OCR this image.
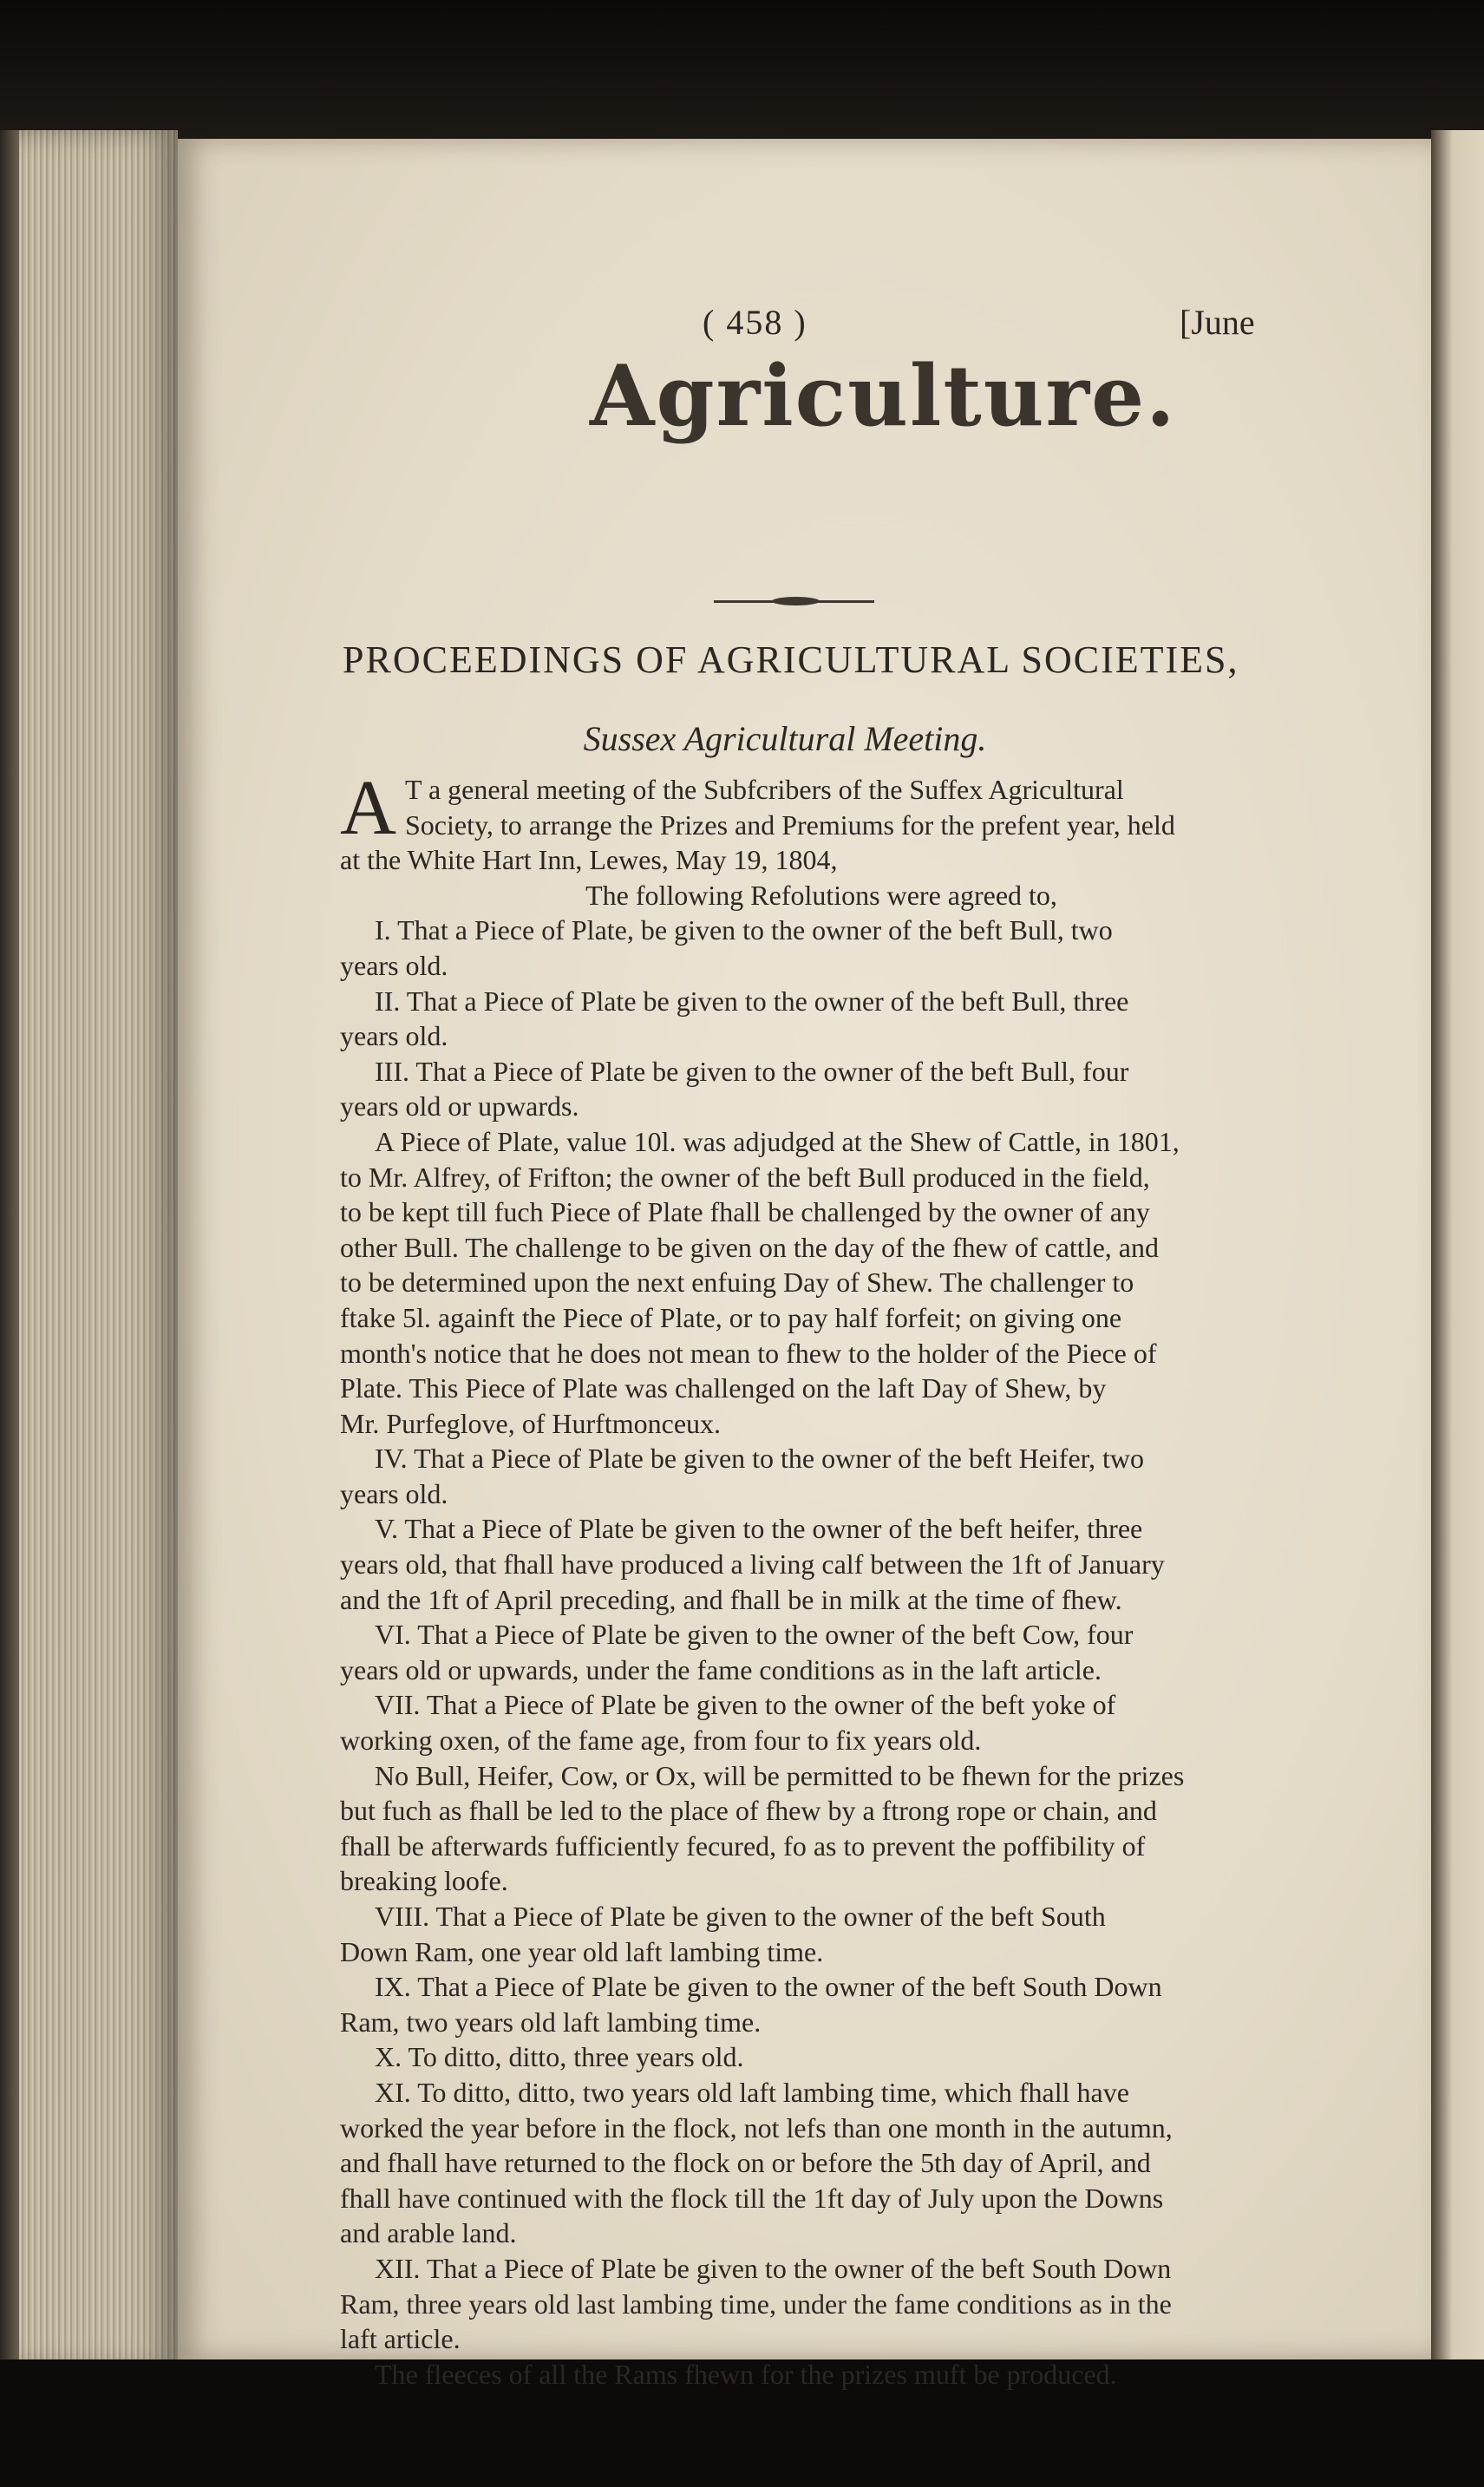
( 458 )	[June
Agriculture.
PROCEEDINGS OF AGRICULTURAL SOCIETIES,
Sussex Agricultural Meeting.
A T a general meeting of the Subfcribers of the Suffex Agricultural
Society, to arrange the Prizes and Premiums for the prefent year, held
at the White Hart Inn, Lewes, May 19, 1804,
The following Refolutions were agreed to,
I. That a Piece of Plate, be given to the owner of the beft Bull, two
years old.
II. That a Piece of Plate be given to the owner of the beft Bull, three
years old.
III. That a Piece of Plate be given to the owner of the beft Bull, four
years old or upwards.
A Piece of Plate, value 10l. was adjudged at the Shew of Cattle, in 1801,
to Mr. Alfrey, of Frifton; the owner of the beft Bull produced in the field,
to be kept till fuch Piece of Plate fhall be challenged by the owner of any
other Bull. The challenge to be given on the day of the fhew of cattle, and
to be determined upon the next enfuing Day of Shew. The challenger to
ftake 5l. againft the Piece of Plate, or to pay half forfeit; on giving one
month's notice that he does not mean to fhew to the holder of the Piece of
Plate. This Piece of Plate was challenged on the laft Day of Shew, by
Mr. Purfeglove, of Hurftmonceux.
IV. That a Piece of Plate be given to the owner of the beft Heifer, two
years old.
V. That a Piece of Plate be given to the owner of the beft heifer, three
years old, that fhall have produced a living calf between the 1ft of January
and the 1ft of April preceding, and fhall be in milk at the time of fhew.
VI. That a Piece of Plate be given to the owner of the beft Cow, four
years old or upwards, under the fame conditions as in the laft article.
VII. That a Piece of Plate be given to the owner of the beft yoke of
working oxen, of the fame age, from four to fix years old.
No Bull, Heifer, Cow, or Ox, will be permitted to be fhewn for the prizes
but fuch as fhall be led to the place of fhew by a ftrong rope or chain, and
fhall be afterwards fufficiently fecured, fo as to prevent the poffibility of
breaking loofe.
VIII. That a Piece of Plate be given to the owner of the beft South
Down Ram, one year old laft lambing time.
IX. That a Piece of Plate be given to the owner of the beft South Down
Ram, two years old laft lambing time.
X. To ditto, ditto, three years old.
XI. To ditto, ditto, two years old laft lambing time, which fhall have
worked the year before in the flock, not lefs than one month in the autumn,
and fhall have returned to the flock on or before the 5th day of April, and
fhall have continued with the flock till the 1ft day of July upon the Downs
and arable land.
XII. That a Piece of Plate be given to the owner of the beft South Down
Ram, three years old last lambing time, under the fame conditions as in the
laft article.
The fleeces of all the Rams fhewn for the prizes muft be produced.
